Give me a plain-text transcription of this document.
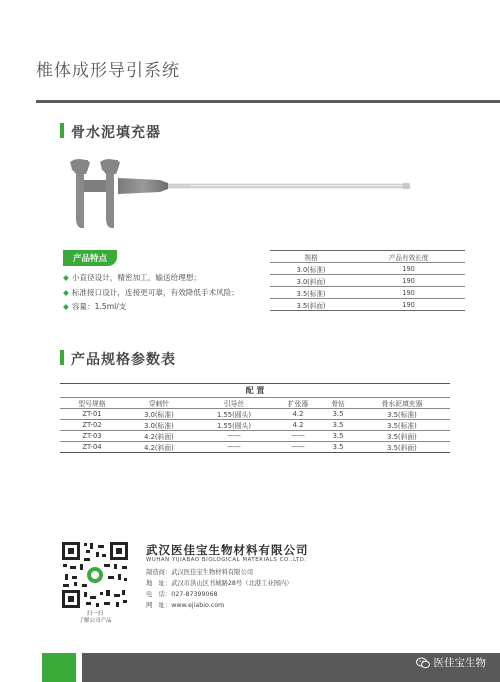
椎体成形导引系统
骨水泥填充器
产品特点
◆ 小直径设计，精密加工，输送给理想；
◆ 标准接口设计，连接更可靠，有效降低手术风险；
◆ 容量：1.5ml/支
规格	产品有效长度
3.0(标准)	190
3.0(斜面)	190
3.5(标准)	190
3.5(斜面)	190
产品规格参数表
配 置					
型号规格	穿刺针	引导丝	扩张器	骨钻	骨水泥填充器
ZT-01	3.0(标准)	1.55(圆头)	4.2	3.5	3.5(标准)
ZT-02	3.0(标准)	1.55(圆头)	4.2	3.5	3.5(标准)
ZT-03	4.2(斜面)	——	——	3.5	3.5(斜面)
ZT-04	4.2(斜面)	——	——	3.5	3.5(斜面)
扫一扫
了解公司产品
武汉医佳宝生物材料有限公司
WUHAN YIJIABAO BIOLOGICAL MATERIALS CO.,LTD.
制造商：武汉医佳宝生物材料有限公司
地　址：武汉市洪山区书城路28号（北港工业园内）
电　话：027-87399068
网　址：www.ejiabio.com
医佳宝生物
